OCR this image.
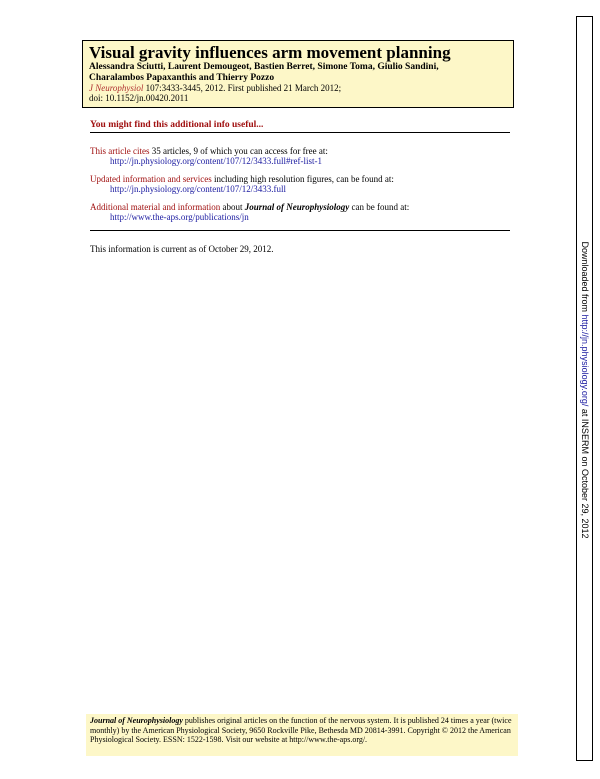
Visual gravity influences arm movement planning
Alessandra Sciutti, Laurent Demougeot, Bastien Berret, Simone Toma, Giulio Sandini,
Charalambos Papaxanthis and Thierry Pozzo
J Neurophysiol 107:3433-3445, 2012. First published 21 March 2012;
doi: 10.1152/jn.00420.2011
You might find this additional info useful...
This article cites 35 articles, 9 of which you can access for free at:
http://jn.physiology.org/content/107/12/3433.full#ref-list-1
Updated information and services including high resolution figures, can be found at:
http://jn.physiology.org/content/107/12/3433.full
Additional material and information about Journal of Neurophysiology can be found at:
http://www.the-aps.org/publications/jn
This information is current as of October 29, 2012.	Downloaded from http://jn.physiology.org/ at INSERM on October 29, 2012
Journal of Neurophysiology publishes original articles on the function of the nervous system. It is published 24 times a year (twice monthly) by the American Physiological Society, 9650 Rockville Pike, Bethesda MD 20814-3991. Copyright © 2012 the American Physiological Society. ESSN: 1522-1598. Visit our website at http://www.the-aps.org/.
